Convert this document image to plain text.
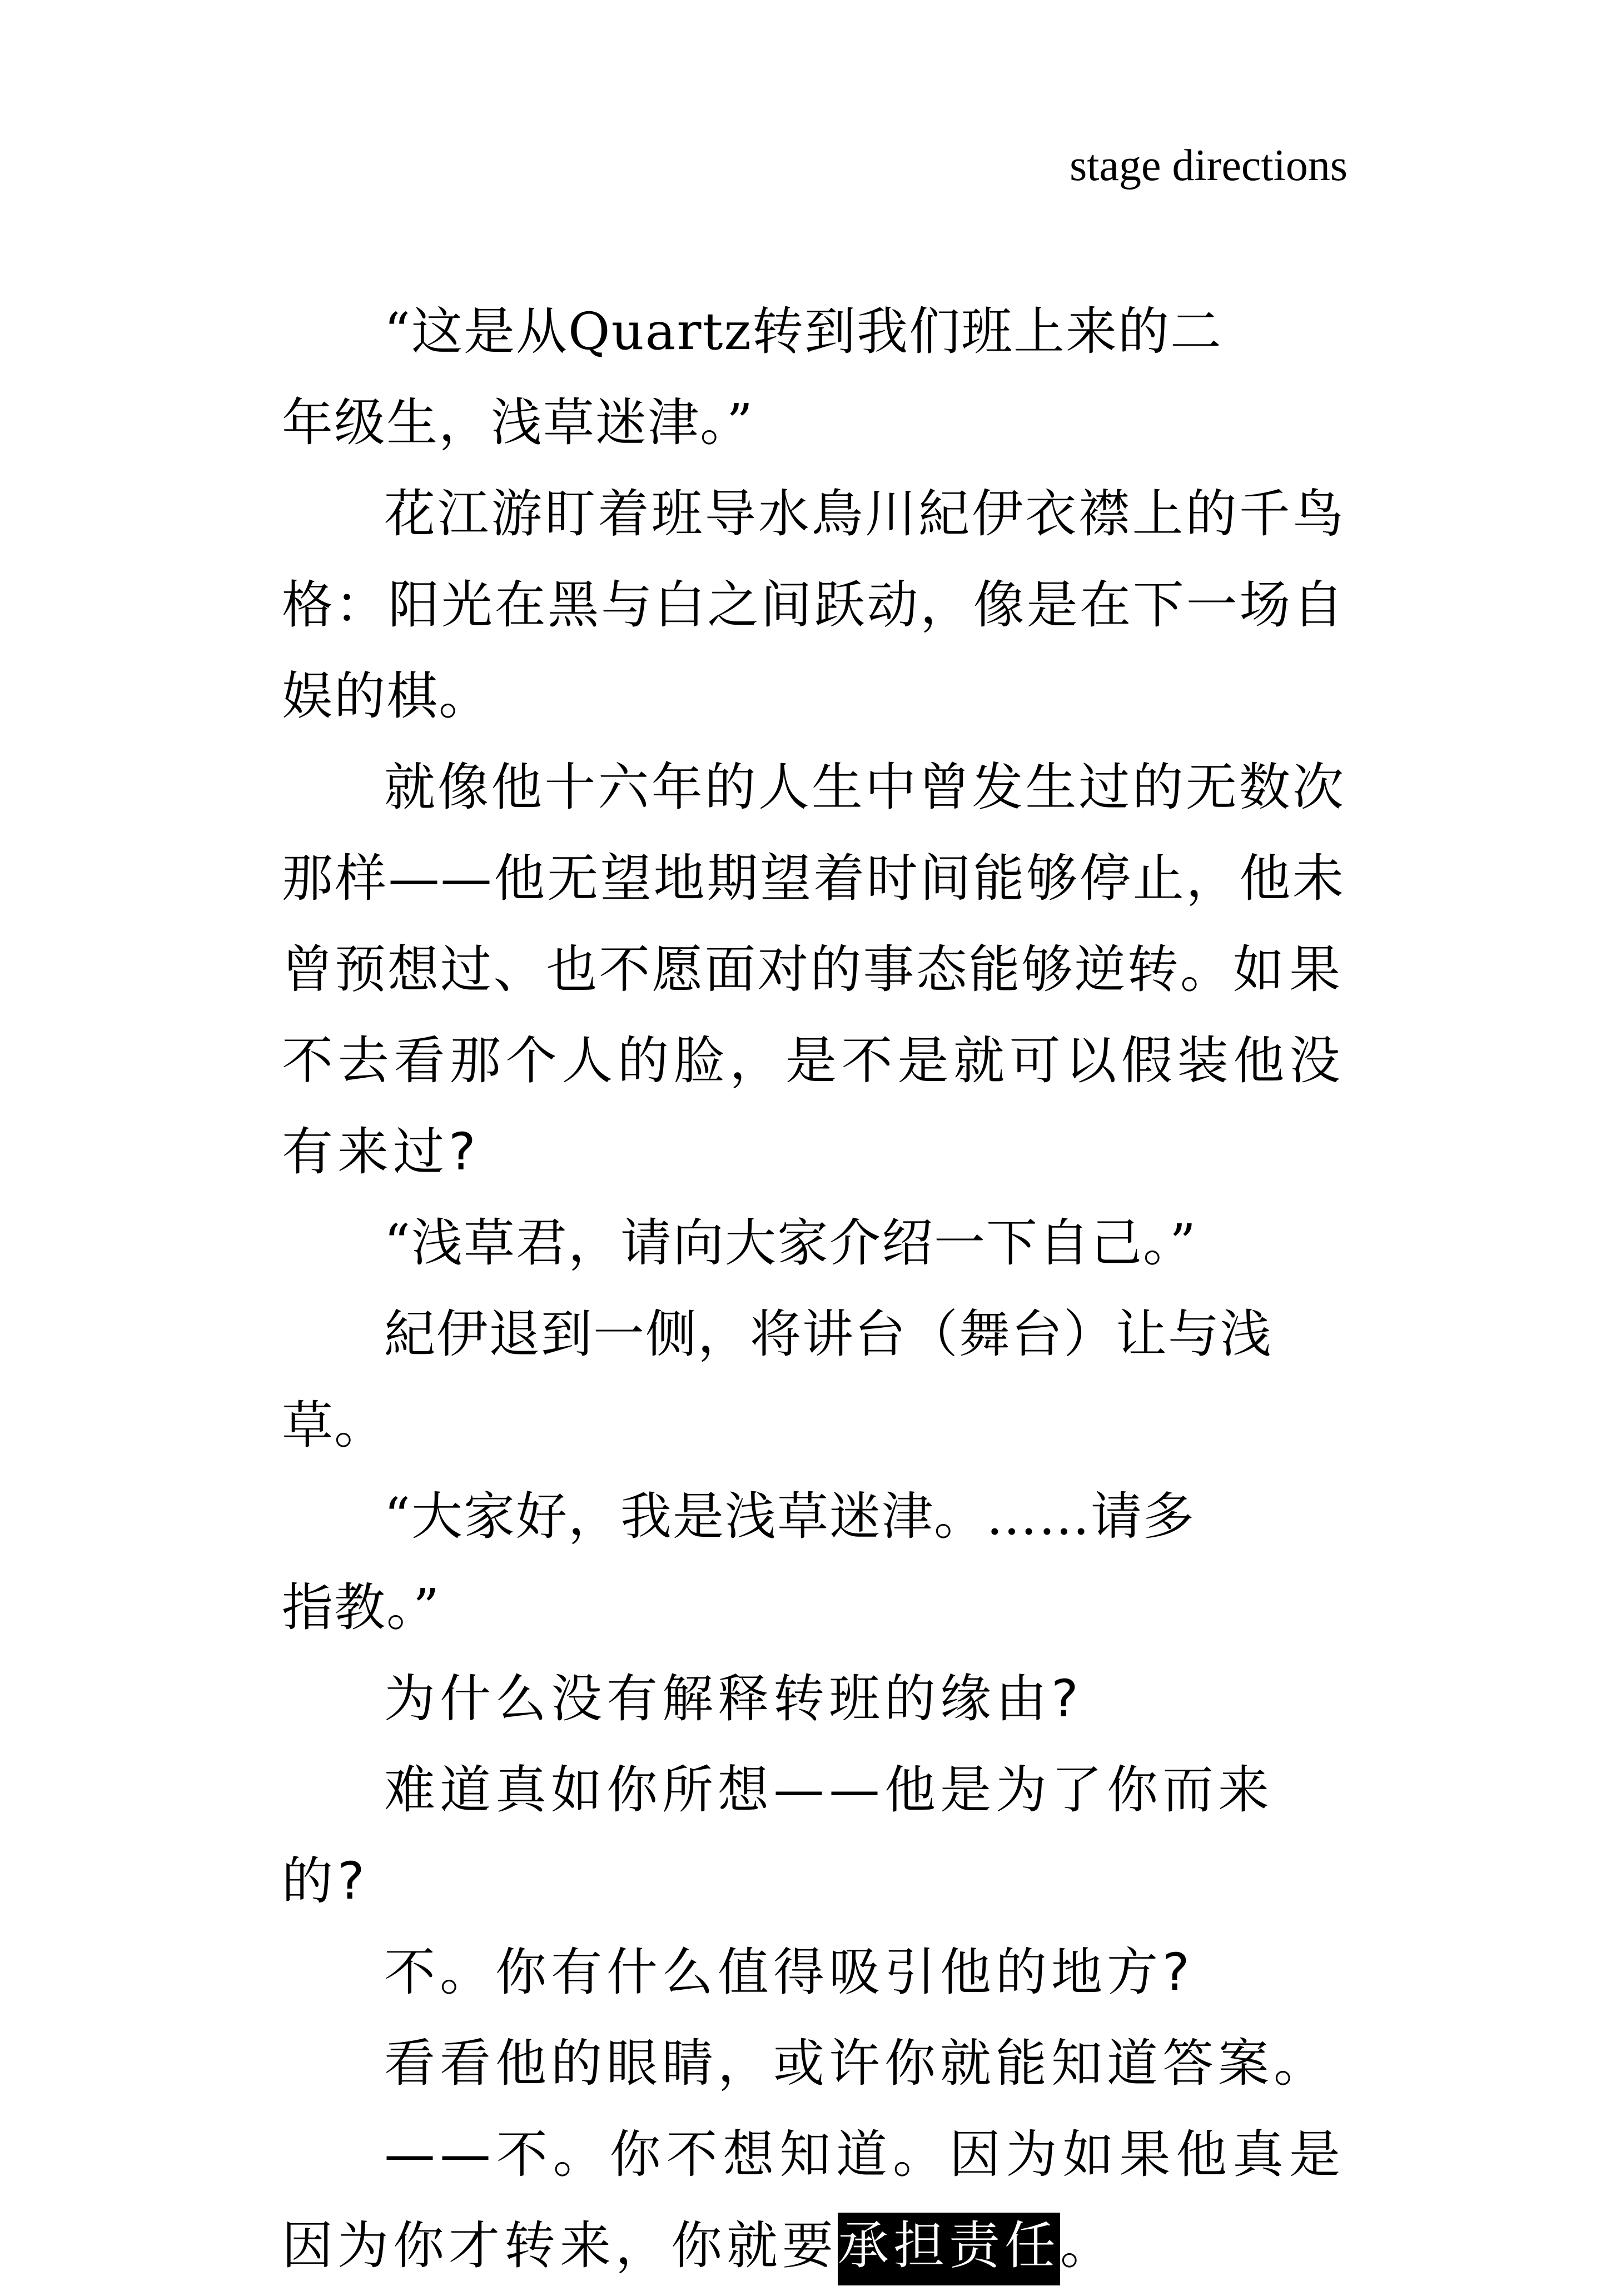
stage directions

“这是从Quartz转到我们班上来的二年级生，浅草迷津。”

花江游盯着班导水鳥川紀伊衣襟上的千鸟格：阳光在黑与白之间跃动，像是在下一场自娱的棋。

就像他十六年的人生中曾发生过的无数次那样——他无望地期望着时间能够停止，他未曾预想过、也不愿面对的事态能够逆转。如果不去看那个人的脸，是不是就可以假装他没有来过?

“浅草君，请向大家介绍一下自己。”

紀伊退到一侧，将讲台（舞台）让与浅草。

“大家好，我是浅草迷津。……请多指教。”

为什么没有解释转班的缘由?

难道真如你所想——他是为了你而来的?

不。你有什么值得吸引他的地方?

看看他的眼睛，或许你就能知道答案。

——不。你不想知道。因为如果他真是因为你才转来，你就要承担责任。
